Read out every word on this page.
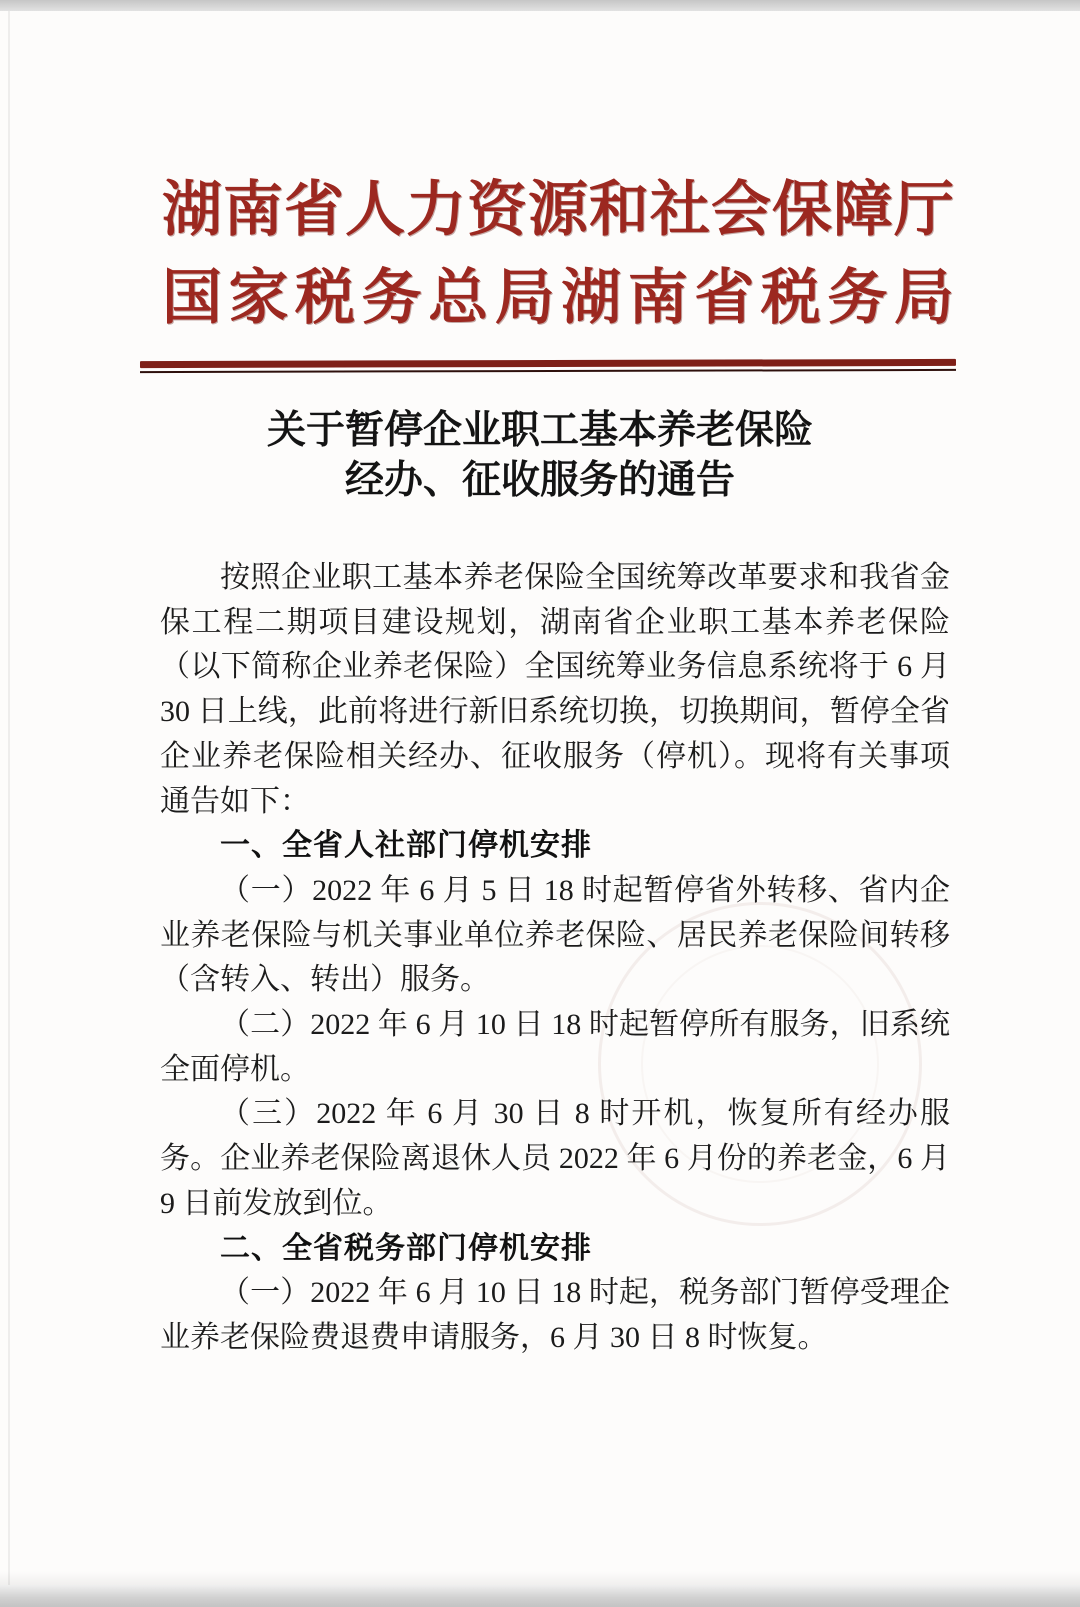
湖南省人力资源和社会保障厅
国家税务总局湖南省税务局
关于暂停企业职工基本养老保险
经办、征收服务的通告

按照企业职工基本养老保险全国统筹改革要求和我省金保工程二期项目建设规划，湖南省企业职工基本养老保险（以下简称企业养老保险）全国统筹业务信息系统将于 6 月 30 日上线，此前将进行新旧系统切换，切换期间，暂停全省企业养老保险相关经办、征收服务（停机）。现将有关事项通告如下：

一、全省人社部门停机安排

（一）2022 年 6 月 5 日 18 时起暂停省外转移、省内企业养老保险与机关事业单位养老保险、居民养老保险间转移（含转入、转出）服务。

（二）2022 年 6 月 10 日 18 时起暂停所有服务，旧系统全面停机。

（三）2022 年 6 月 30 日 8 时开机，恢复所有经办服务。企业养老保险离退休人员 2022 年 6 月份的养老金，6 月 9 日前发放到位。

二、全省税务部门停机安排

（一）2022 年 6 月 10 日 18 时起，税务部门暂停受理企业养老保险费退费申请服务，6 月 30 日 8 时恢复。
